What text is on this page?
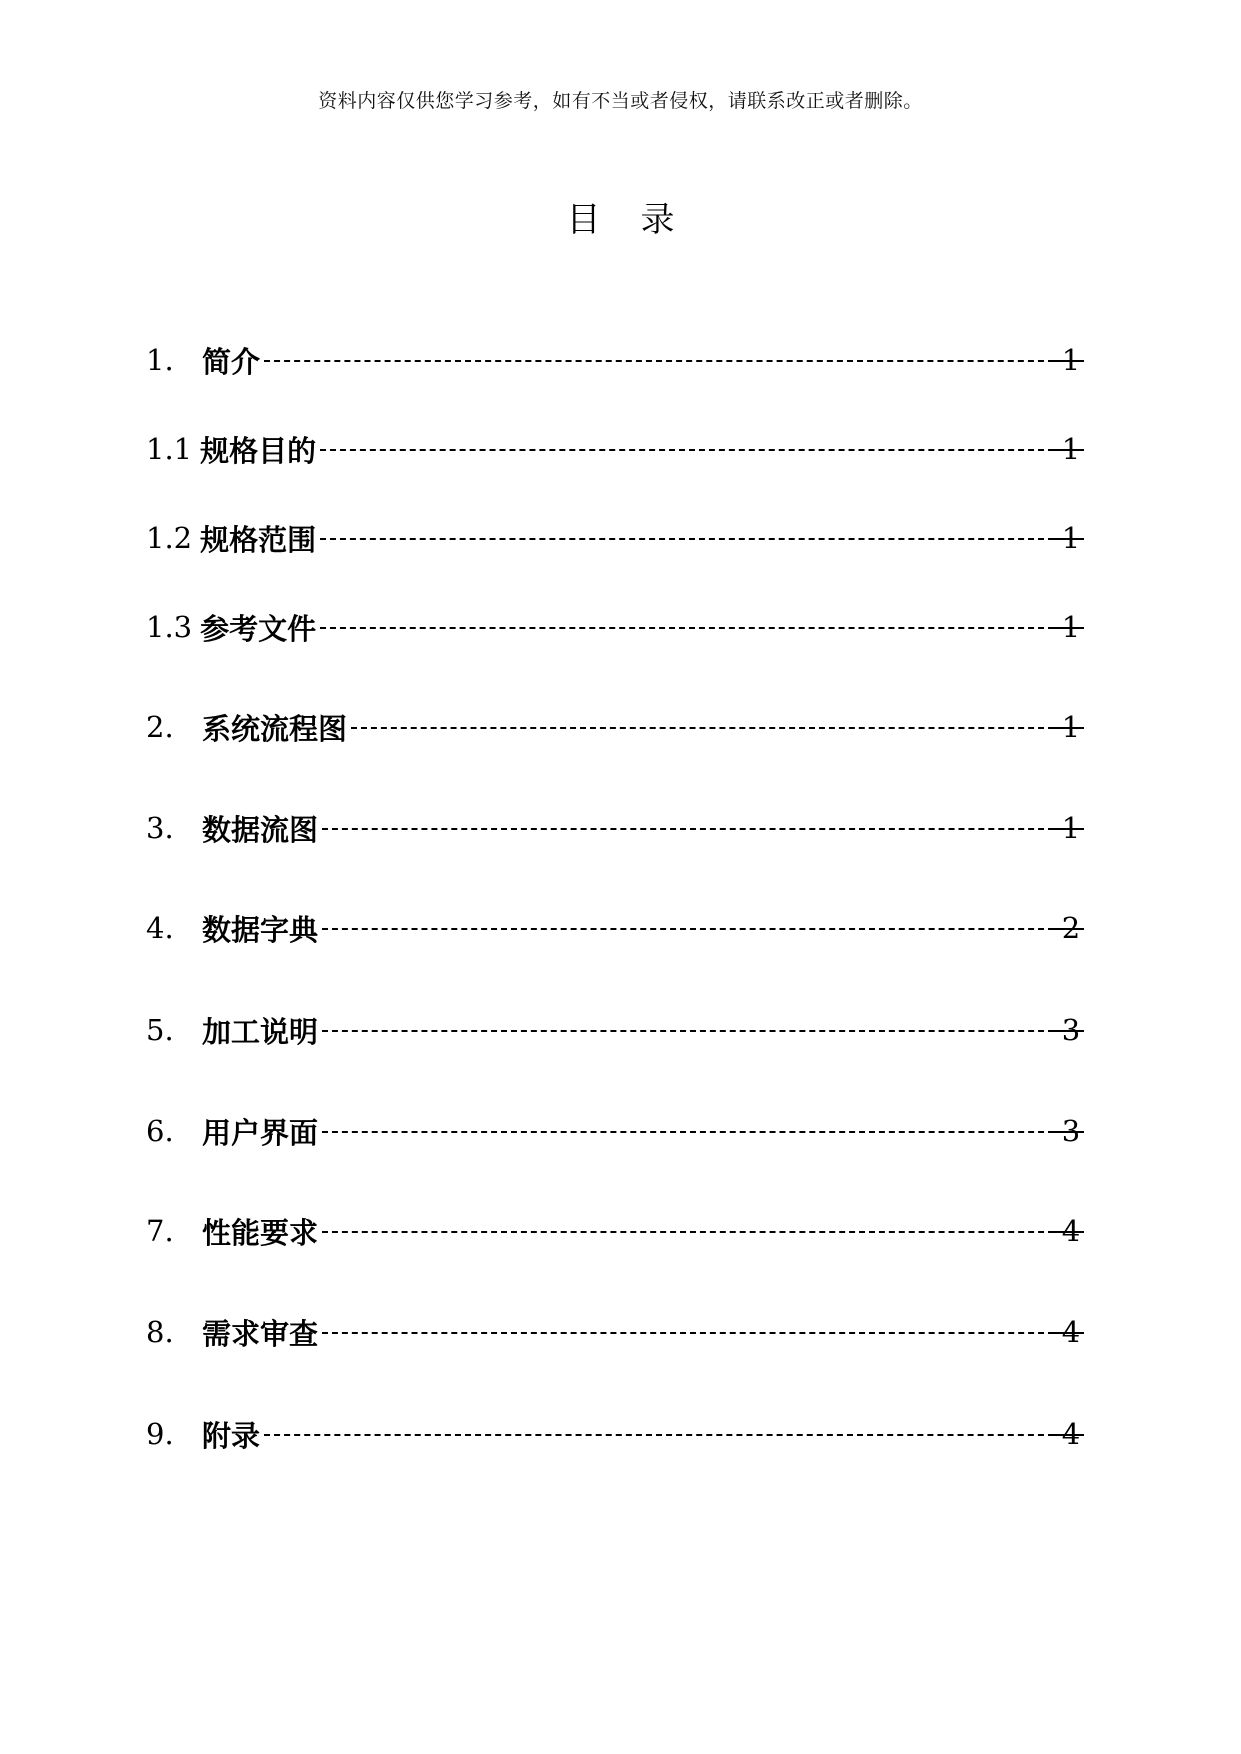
资料内容仅供您学习参考，如有不当或者侵权，请联系改正或者删除。
目录
1. 简介	1
1.1 规格目的	1
1.2 规格范围	1
1.3 参考文件	1
2. 系统流程图	1
3. 数据流图	1
4. 数据字典	2
5. 加工说明	3
6. 用户界面	3
7. 性能要求	4
8. 需求审查	4
9. 附录	4
